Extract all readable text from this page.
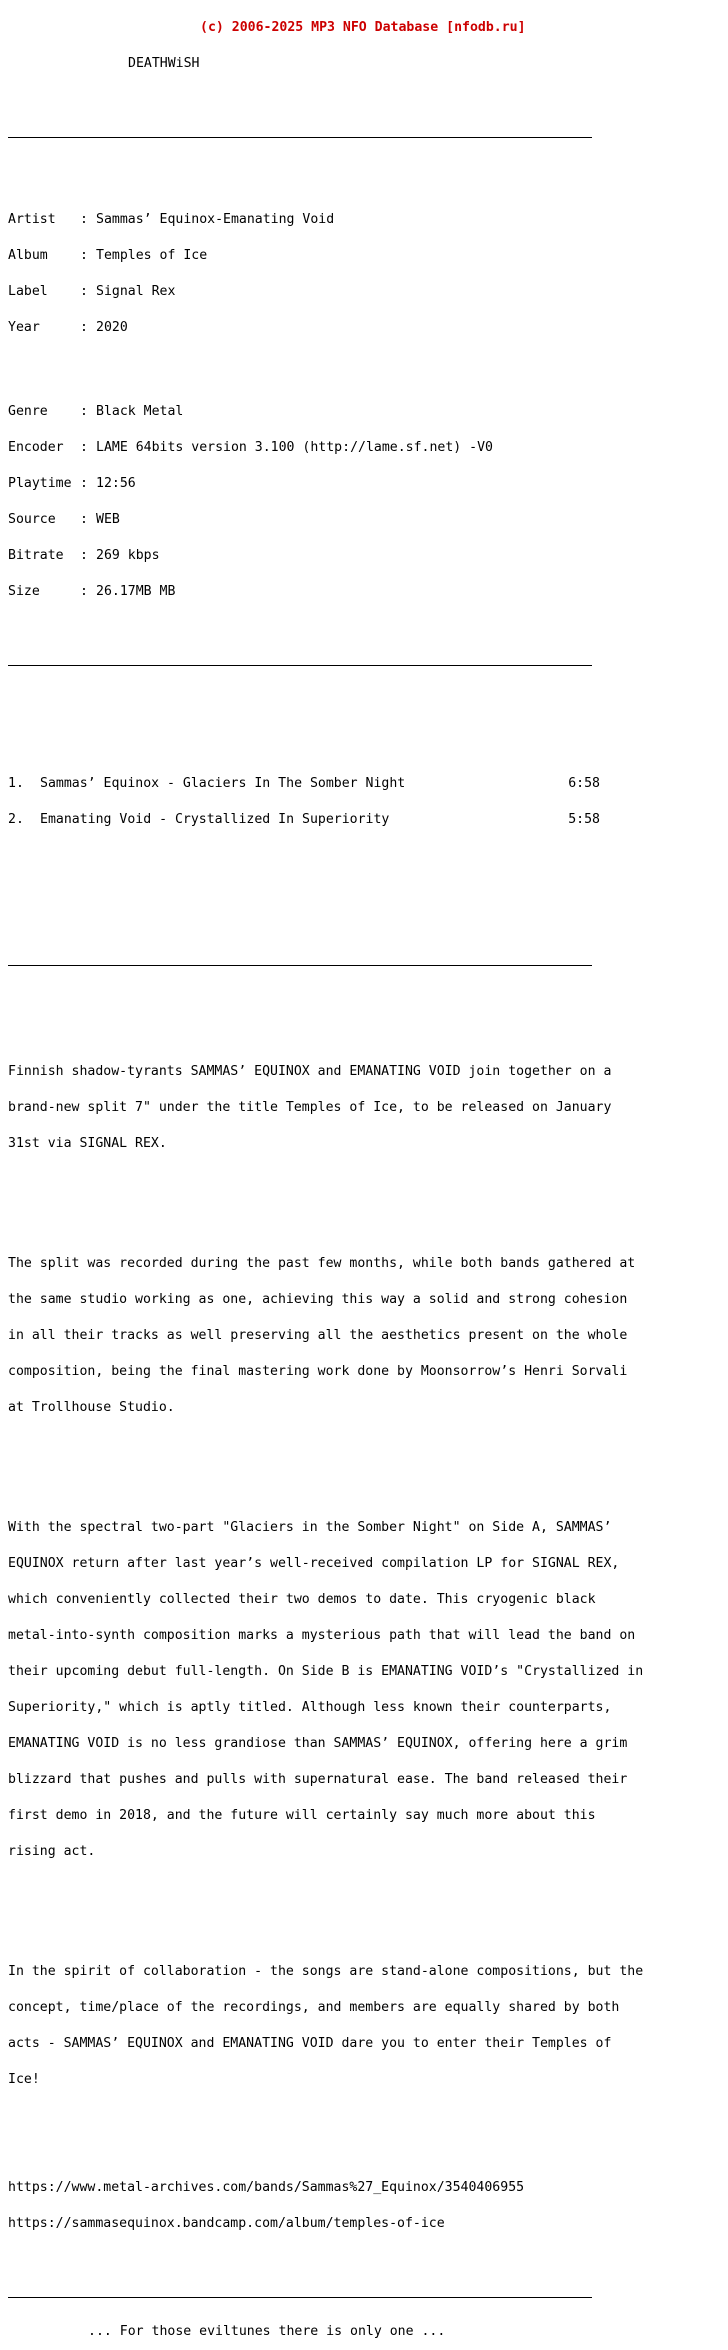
(c) 2006-2025 MP3 NFO Database [nfodb.ru]

DEATHWiSH

Artist : Sammas’ Equinox-Emanating Void

Album : Temples of Ice

Label : Signal Rex

Year	: 2020

Genre : Black Metal

Encoder : LAME 64bits version 3.100 (http://lame.sf.net) -V0

Playtime : 12:56

Source : WEB

Bitrate : 269 kbps

Size	: 26.17MB MB

1. Sammas’ Equinox - Glaciers In The Somber Night	6:58

2. Emanating Void - Crystallized In Superiority	5:58

Finnish shadow-tyrants SAMMAS’ EQUINOX and EMANATING VOID join together on a

brand-new split 7" under the title Temples of Ice, to be released on January

31st via SIGNAL REX.

The split was recorded during the past few months, while both bands gathered at

the same studio working as one, achieving this way a solid and strong cohesion

in all their tracks as well preserving all the aesthetics present on the whole

composition, being the final mastering work done by Moonsorrow’s Henri Sorvali

at Trollhouse Studio.

With the spectral two-part "Glaciers in the Somber Night" on Side A, SAMMAS’

EQUINOX return after last year’s well-received compilation LP for SIGNAL REX,

which conveniently collected their two demos to date. This cryogenic black

metal-into-synth composition marks a mysterious path that will lead the band on

their upcoming debut full-length. On Side B is EMANATING VOID’s "Crystallized in

Superiority," which is aptly titled. Although less known their counterparts,

EMANATING VOID is no less grandiose than SAMMAS’ EQUINOX, offering here a grim

blizzard that pushes and pulls with supernatural ease. The band released their

first demo in 2018, and the future will certainly say much more about this

rising act.

In the spirit of collaboration - the songs are stand-alone compositions, but the

concept, time/place of the recordings, and members are equally shared by both

acts - SAMMAS’ EQUINOX and EMANATING VOID dare you to enter their Temples of

Ice!

https://www.metal-archives.com/bands/Sammas%27_Equinox/3540406955

https://sammasequinox.bandcamp.com/album/temples-of-ice

... For those eviltunes there is only one ...
